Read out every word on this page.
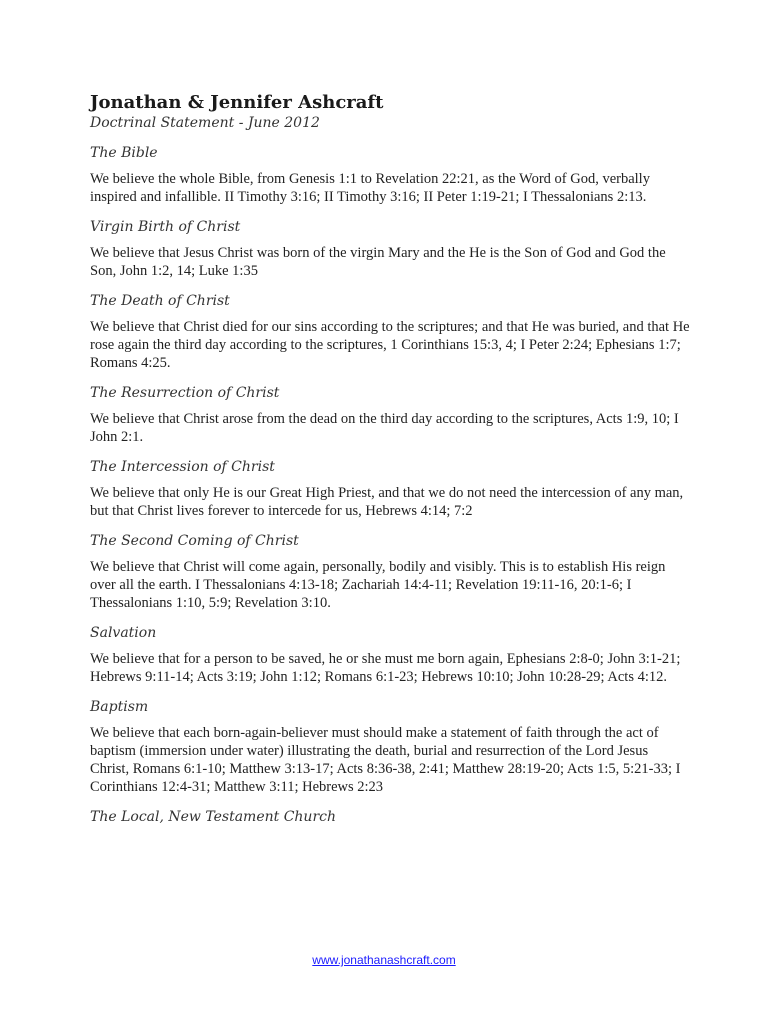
Jonathan & Jennifer Ashcraft
Doctrinal Statement - June 2012
The Bible

We believe the whole Bible, from Genesis 1:1 to Revelation 22:21, as the Word of God, verbally inspired and infallible. II Timothy 3:16; II Timothy 3:16; II Peter 1:19-21; I Thessalonians 2:13.

Virgin Birth of Christ

We believe that Jesus Christ was born of the virgin Mary and the He is the Son of God and God the Son, John 1:2, 14; Luke 1:35

The Death of Christ

We believe that Christ died for our sins according to the scriptures; and that He was buried, and that He rose again the third day according to the scriptures, 1 Corinthians 15:3, 4; I Peter 2:24; Ephesians 1:7; Romans 4:25.

The Resurrection of Christ

We believe that Christ arose from the dead on the third day according to the scriptures, Acts 1:9, 10; I John 2:1.

The Intercession of Christ

We believe that only He is our Great High Priest, and that we do not need the intercession of any man, but that Christ lives forever to intercede for us, Hebrews 4:14; 7:2

The Second Coming of Christ

We believe that Christ will come again, personally, bodily and visibly. This is to establish His reign over all the earth. I Thessalonians 4:13-18; Zachariah 14:4-11; Revelation 19:11-16, 20:1-6; I Thessalonians 1:10, 5:9; Revelation 3:10.

Salvation

We believe that for a person to be saved, he or she must me born again, Ephesians 2:8-0; John 3:1-21; Hebrews 9:11-14; Acts 3:19; John 1:12; Romans 6:1-23; Hebrews 10:10; John 10:28-29; Acts 4:12.

Baptism

We believe that each born-again-believer must should make a statement of faith through the act of baptism (immersion under water) illustrating the death, burial and resurrection of the Lord Jesus Christ, Romans 6:1-10; Matthew 3:13-17; Acts 8:36-38, 2:41; Matthew 28:19-20; Acts 1:5, 5:21-33; I Corinthians 12:4-31; Matthew 3:11; Hebrews 2:23

The Local, New Testament Church
www.jonathanashcraft.com
